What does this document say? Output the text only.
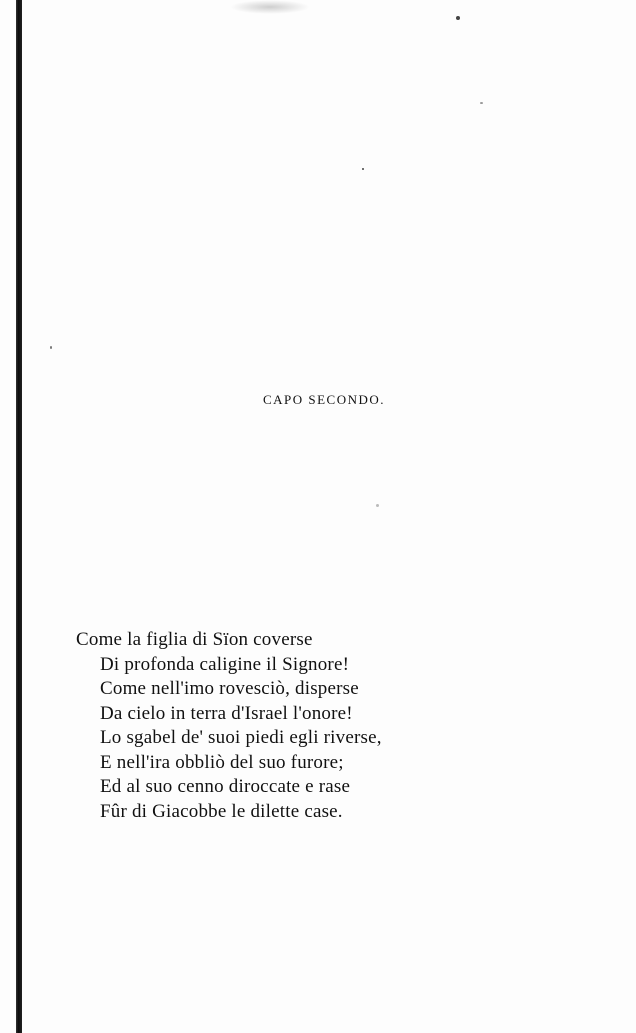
CAPO SECONDO.
Come la figlia di Sïon coverse
Di profonda caligine il Signore!
Come nell'imo rovesciò, disperse
Da cielo in terra d'Israel l'onore!
Lo sgabel de' suoi piedi egli riverse,
E nell'ira obbliò del suo furore;
Ed al suo cenno diroccate e rase
Fûr di Giacobbe le dilette case.
